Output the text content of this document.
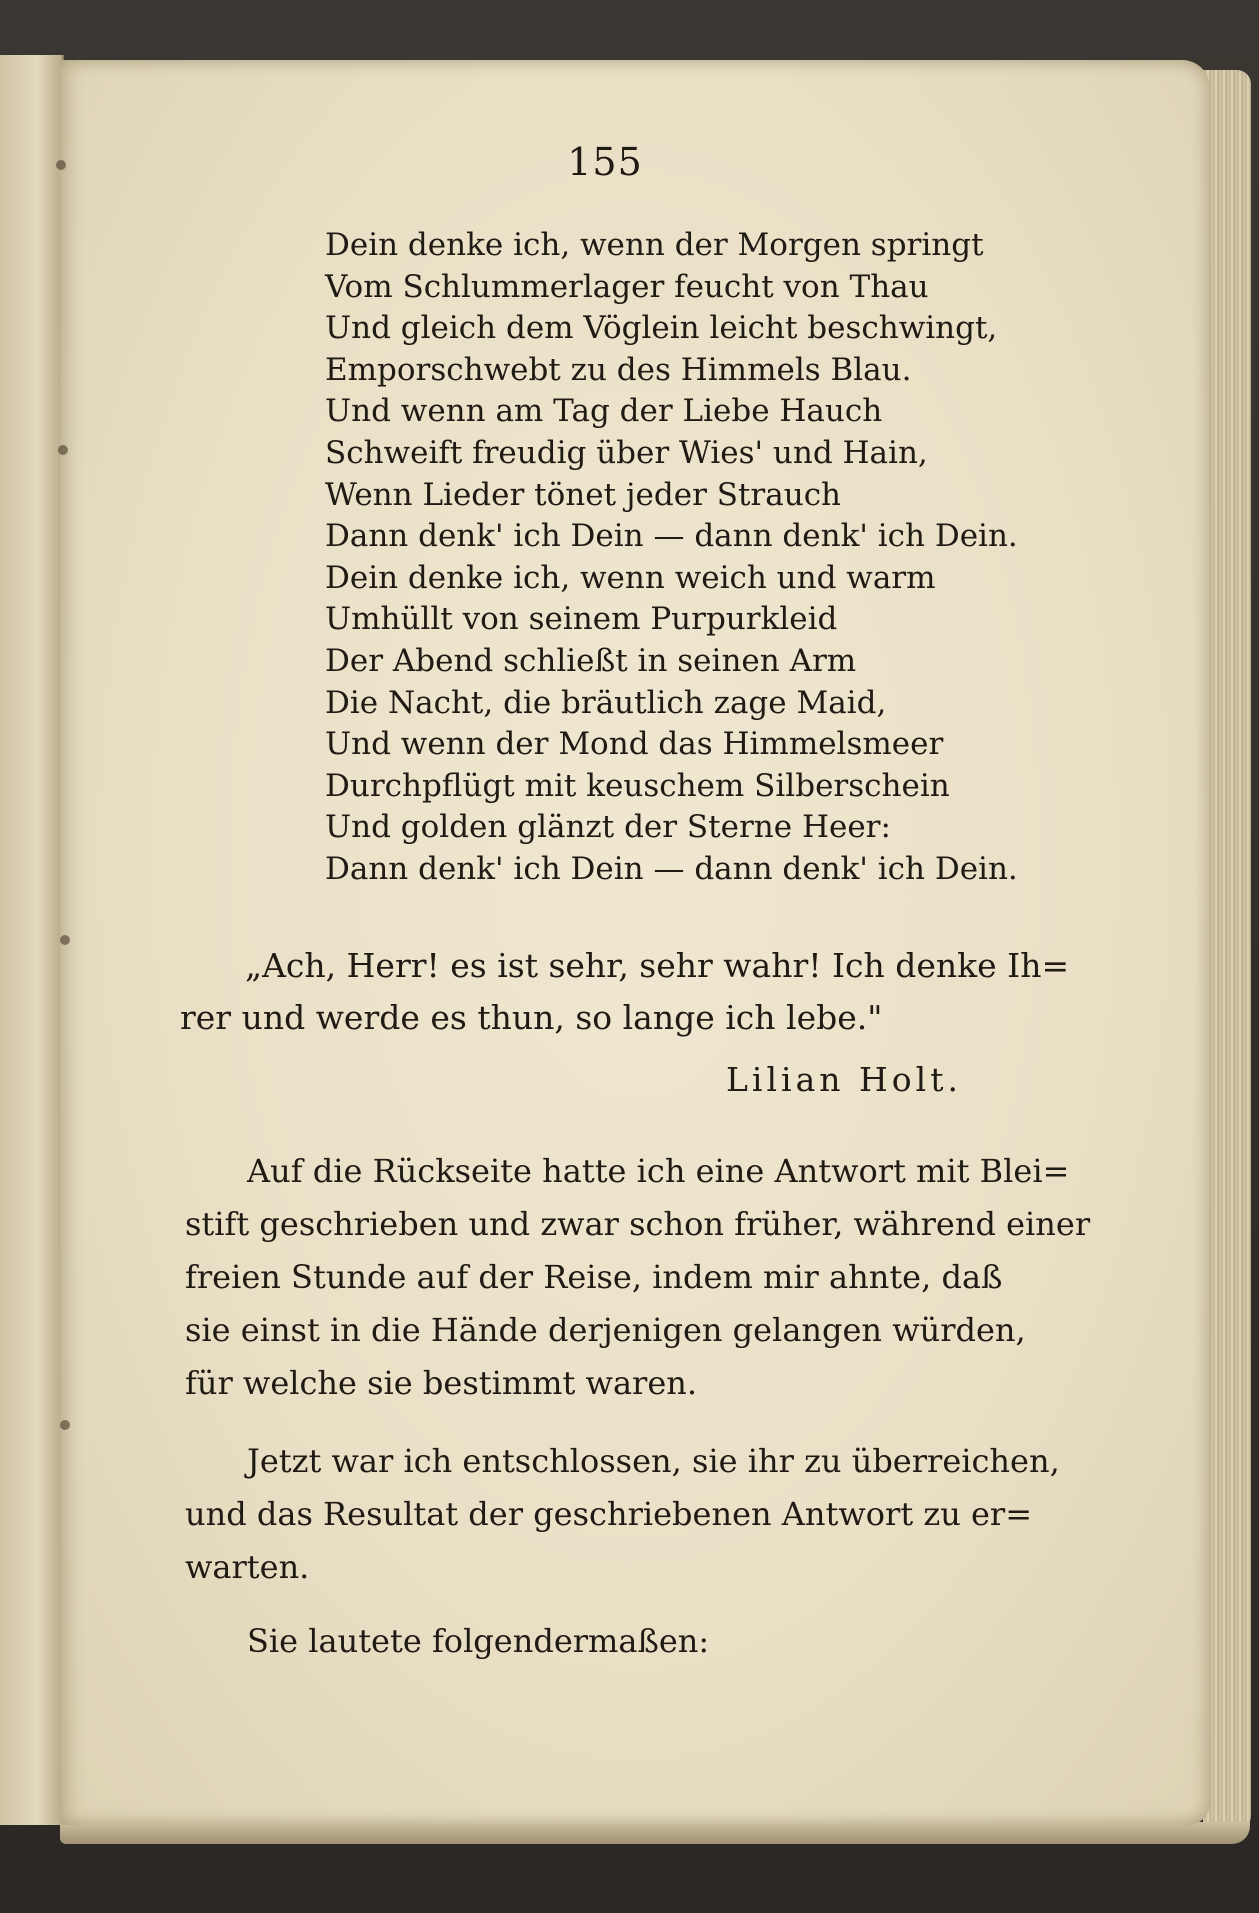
155

Dein denke ich, wenn der Morgen springt
Vom Schlummerlager feucht von Thau
Und gleich dem Vöglein leicht beschwingt,
Emporschwebt zu des Himmels Blau.
Und wenn am Tag der Liebe Hauch
Schweift freudig über Wies' und Hain,
Wenn Lieder tönet jeder Strauch
Dann denk' ich Dein — dann denk' ich Dein.
Dein denke ich, wenn weich und warm
Umhüllt von seinem Purpurkleid
Der Abend schließt in seinen Arm
Die Nacht, die bräutlich zage Maid,
Und wenn der Mond das Himmelsmeer
Durchpflügt mit keuschem Silberschein
Und golden glänzt der Sterne Heer:
Dann denk' ich Dein — dann denk' ich Dein.

„Ach, Herr! es ist sehr, sehr wahr! Ich denke Ih=
rer und werde es thun, so lange ich lebe."

Lilian Holt.

Auf die Rückseite hatte ich eine Antwort mit Blei=
stift geschrieben und zwar schon früher, während einer
freien Stunde auf der Reise, indem mir ahnte, daß
sie einst in die Hände derjenigen gelangen würden,
für welche sie bestimmt waren.

Jetzt war ich entschlossen, sie ihr zu überreichen,
und das Resultat der geschriebenen Antwort zu er=
warten.

Sie lautete folgendermaßen:
